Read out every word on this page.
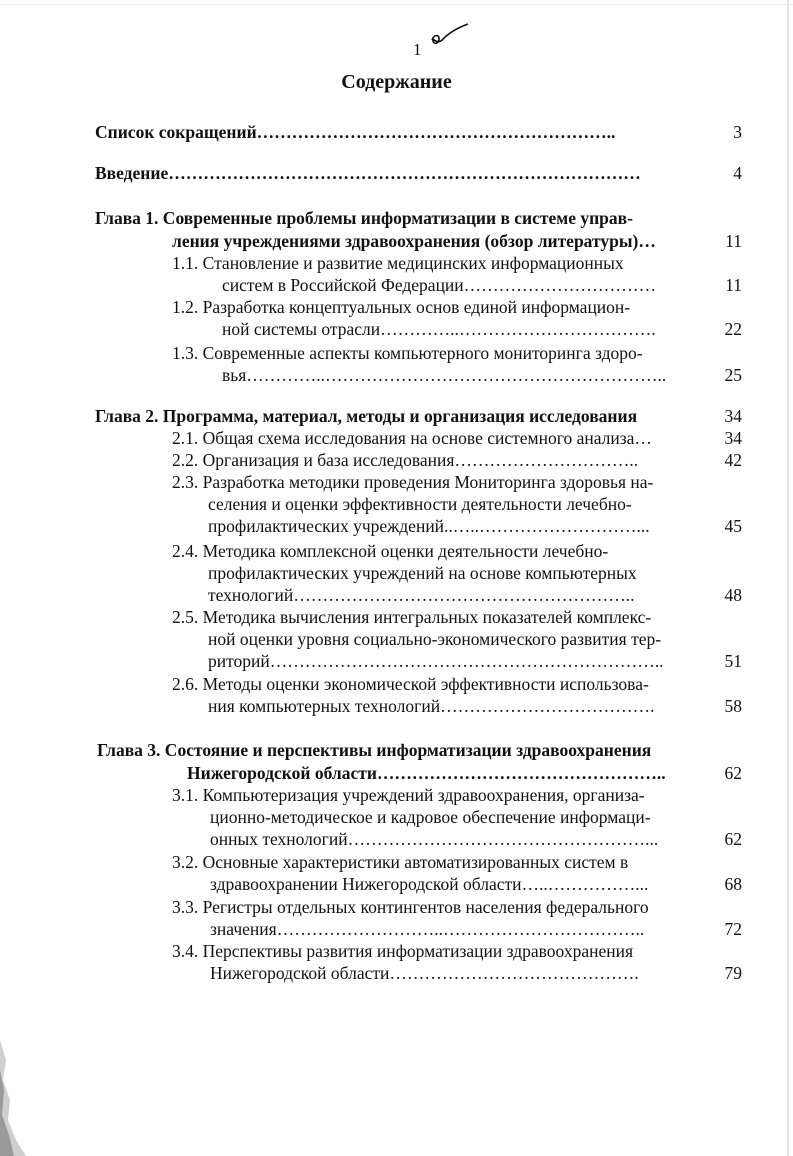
1
Содержание
Список сокращений……………………………………………………..	3
Введение………………………………………………………………………	4
Глава 1. Современные проблемы информатизации в системе управ-
ления учреждениями здравоохранения (обзор литературы)…	11
1.1. Становление и развитие медицинских информационных
систем в Российской Федерации……………………………	11
1.2. Разработка концептуальных основ единой информацион-
ной системы отрасли…………..…………………………….	22
1.3. Современные аспекты компьютерного мониторинга здоро-
вья…………..…………………………………………………..	25
Глава 2. Программа, материал, методы и организация исследования	34
2.1. Общая схема исследования на основе системного анализа…	34
2.2. Организация и база исследования…………………………..	42
2.3. Разработка методики проведения Мониторинга здоровья на-
селения и оценки эффективности деятельности лечебно-
профилактических учреждений..…..………………………...	45
2.4. Методика комплексной оценки деятельности лечебно-
профилактических учреждений на основе компьютерных
технологий…………………………………………………..	48
2.5. Методика вычисления интегральных показателей комплекс-
ной оценки уровня социально-экономического развития тер-
риторий…………………………………………………………..	51
2.6. Методы оценки экономической эффективности использова-
ния компьютерных технологий……………………………….	58
Глава 3. Состояние и перспективы информатизации здравоохранения
Нижегородской области…………………………………………..	62
3.1. Компьютеризация учреждений здравоохранения, организа-
ционно-методическое и кадровое обеспечение информаци-
онных технологий……………………………………………...	62
3.2. Основные характеристики автоматизированных систем в
здравоохранении Нижегородской области…..……………...	68
3.3. Регистры отдельных контингентов населения федерального
значения………………………..……………………………..	72
3.4. Перспективы развития информатизации здравоохранения
Нижегородской области…………………………………….	79
